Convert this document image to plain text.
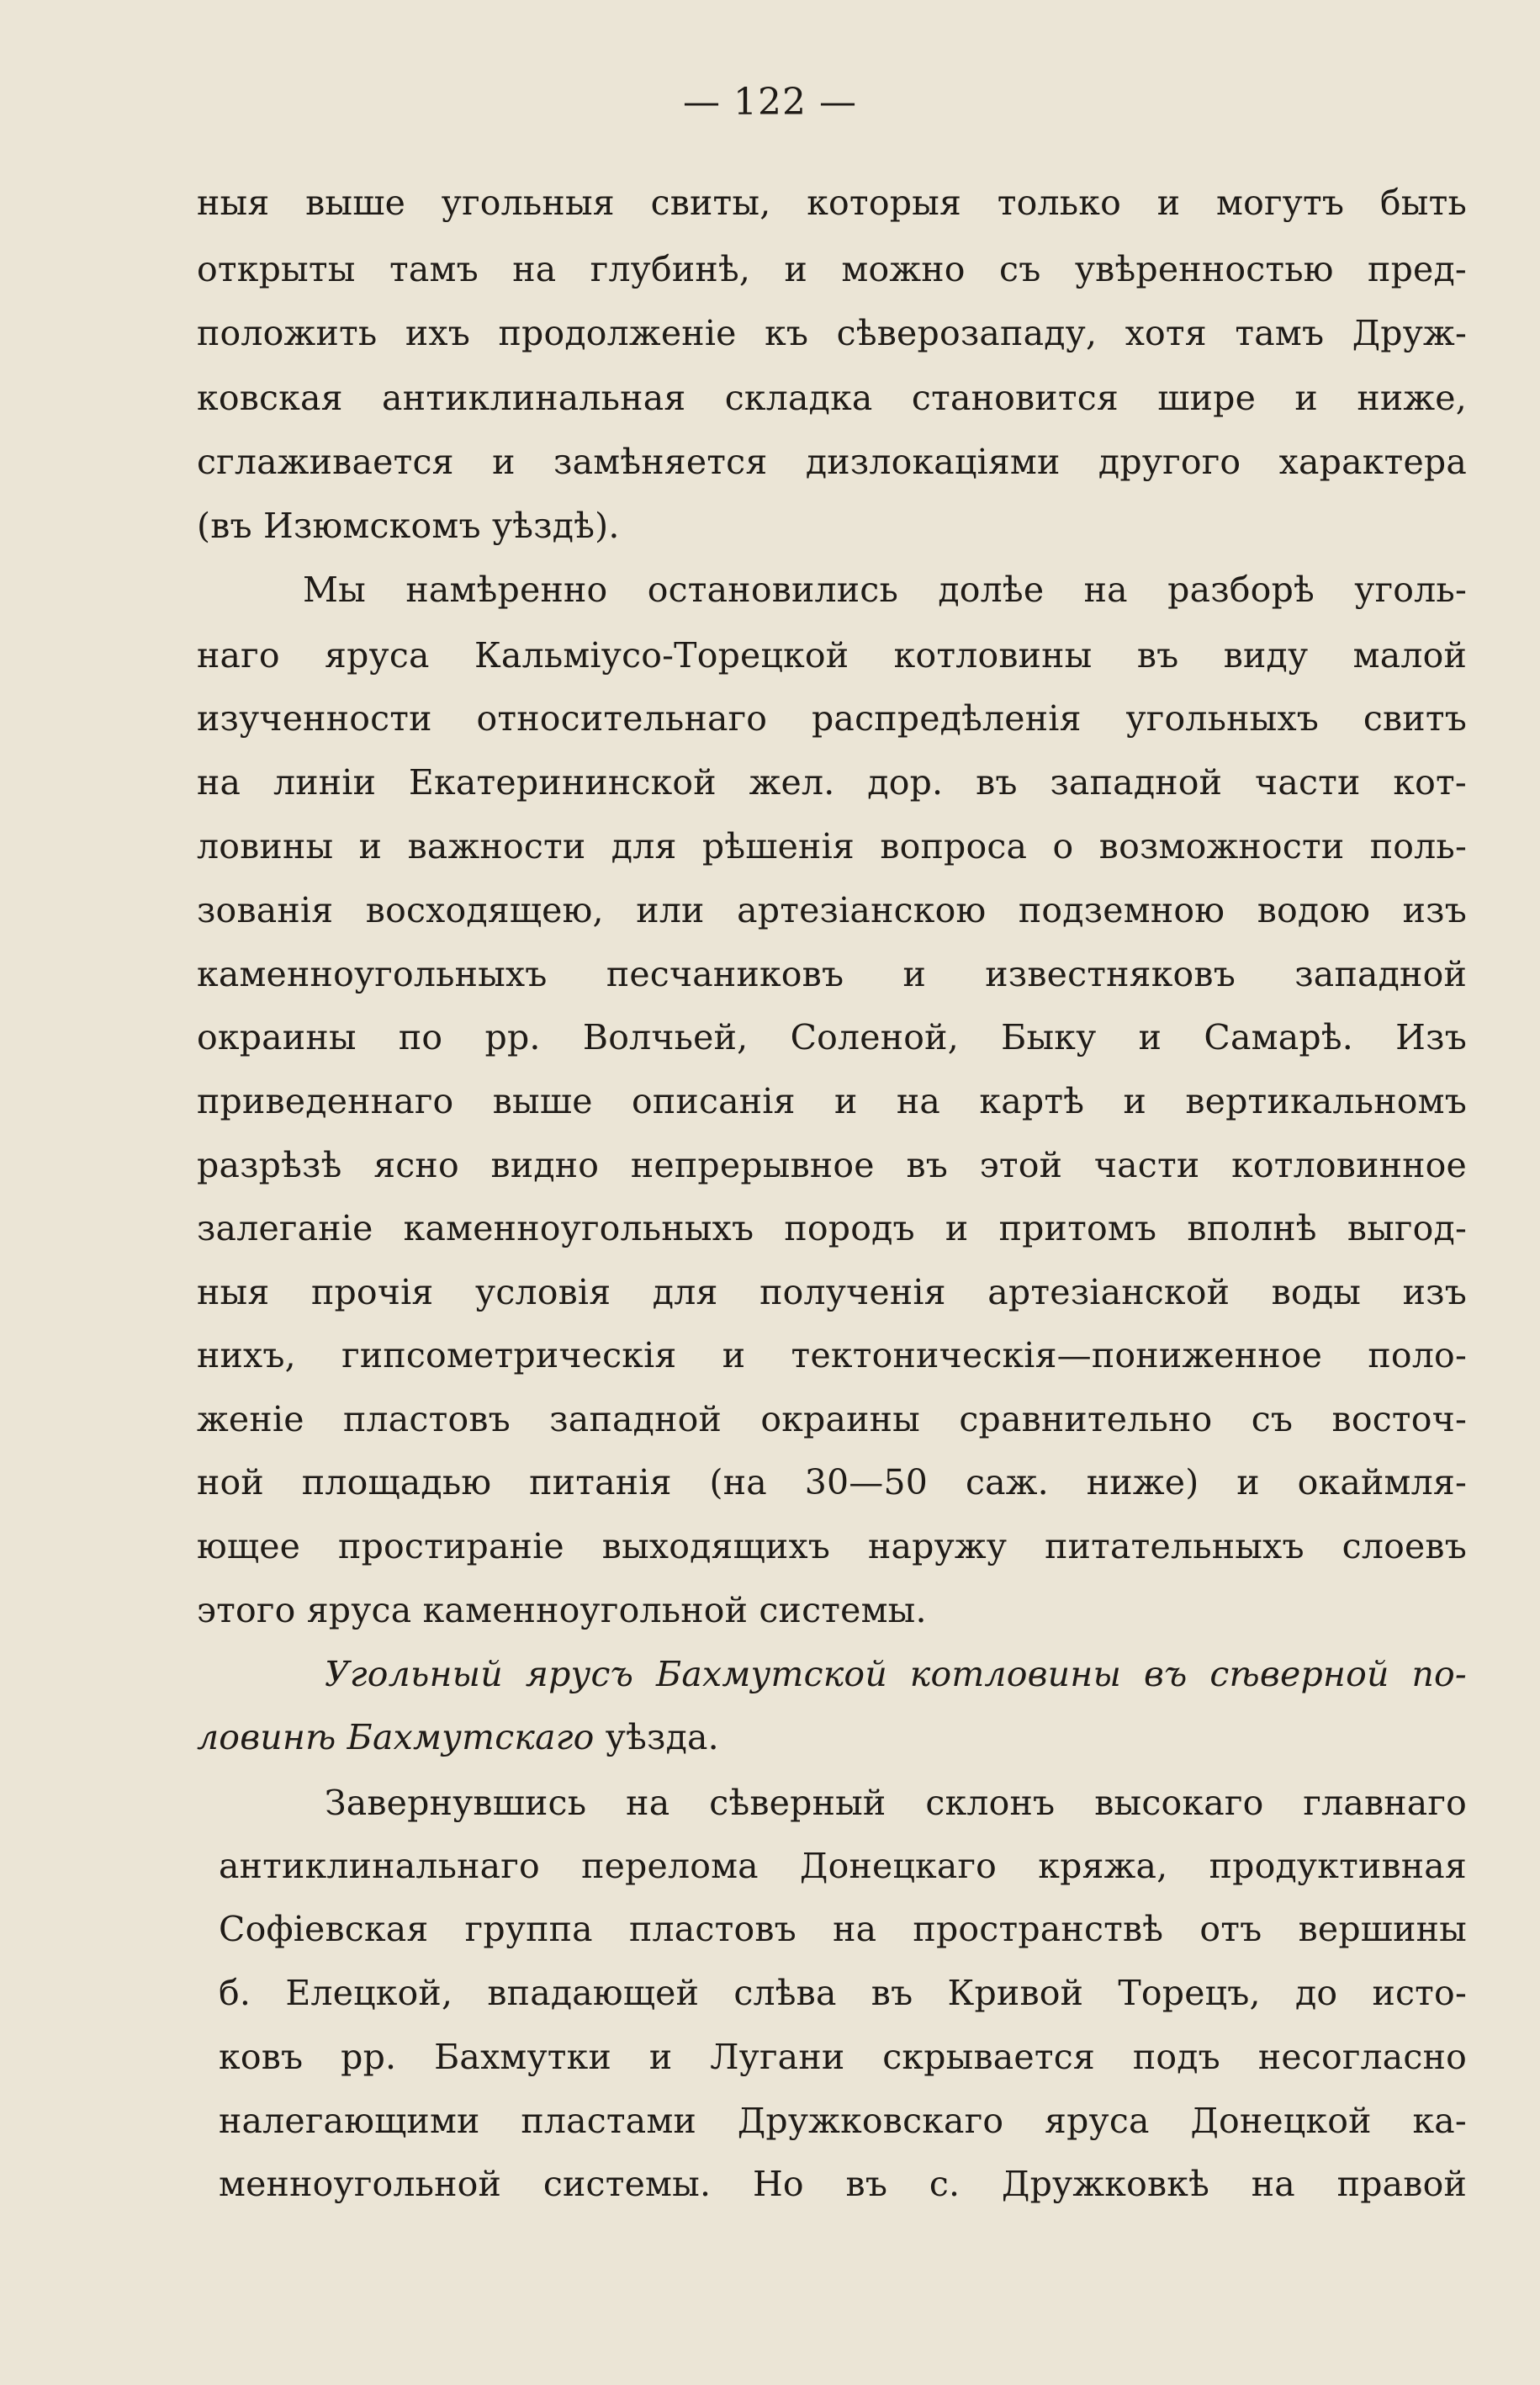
— 122 —
ныя выше угольныя свиты, которыя только и могутъ быть
открыты тамъ на глубинѣ, и можно съ увѣренностью пред-
положить ихъ продолженіе къ сѣверозападу, хотя тамъ Друж-
ковская антиклинальная складка становится шире и ниже,
сглаживается и замѣняется дизлокаціями другого характера
(въ Изюмскомъ уѣздѣ).
Мы намѣренно остановились долѣе на разборѣ уголь-
наго яруса Кальміусо-Торецкой котловины въ виду малой
изученности относительнаго распредѣленія угольныхъ свитъ
на линіи Екатерининской жел. дор. въ западной части кот-
ловины и важности для рѣшенія вопроса о возможности поль-
зованія восходящею, или артезіанскою подземною водою изъ
каменноугольныхъ песчаниковъ и известняковъ западной
окраины по рр. Волчьей, Соленой, Быку и Самарѣ. Изъ
приведеннаго выше описанія и на картѣ и вертикальномъ
разрѣзѣ ясно видно непрерывное въ этой части котловинное
залеганіе каменноугольныхъ породъ и притомъ вполнѣ выгод-
ныя прочія условія для полученія артезіанской воды изъ
нихъ, гипсометрическія и тектоническія—пониженное поло-
женіе пластовъ западной окраины сравнительно съ восточ-
ной площадью питанія (на 30—50 саж. ниже) и окаймля-
ющее простираніе выходящихъ наружу питательныхъ слоевъ
этого яруса каменноугольной системы.
Угольный ярусъ Бахмутской котловины въ сѣверной по-
ловинѣ Бахмутскаго уѣзда.
Завернувшись на сѣверный склонъ высокаго главнаго
антиклинальнаго перелома Донецкаго кряжа, продуктивная
Софіевская группа пластовъ на пространствѣ отъ вершины
б. Елецкой, впадающей слѣва въ Кривой Торецъ, до исто-
ковъ рр. Бахмутки и Лугани скрывается подъ несогласно
налегающими пластами Дружковскаго яруса Донецкой ка-
менноугольной системы. Но въ с. Дружковкѣ на правой
